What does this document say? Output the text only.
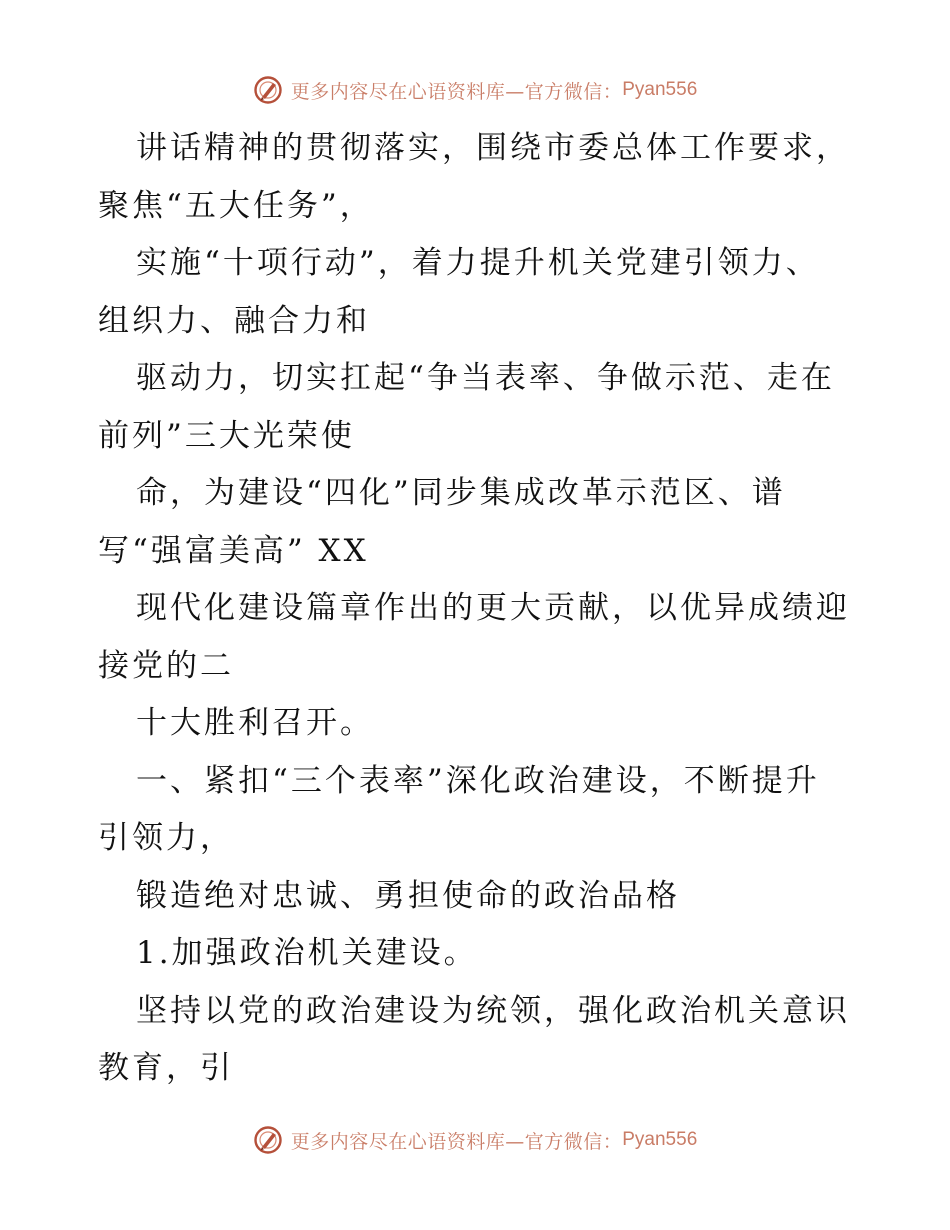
更多内容尽在心语资料库—官方微信： Pyan556
讲话精神的贯彻落实，围绕市委总体工作要求，
聚焦“五大任务”，
实施“十项行动”，着力提升机关党建引领力、
组织力、融合力和
驱动力，切实扛起“争当表率、争做示范、走在
前列”三大光荣使
命，为建设“四化”同步集成改革示范区、谱
写“强富美高” XX
现代化建设篇章作出的更大贡献，以优异成绩迎
接党的二
十大胜利召开。
一、紧扣“三个表率”深化政治建设，不断提升
引领力，
锻造绝对忠诚、勇担使命的政治品格
1.加强政治机关建设。
坚持以党的政治建设为统领，强化政治机关意识
教育，引
更多内容尽在心语资料库—官方微信： Pyan556
